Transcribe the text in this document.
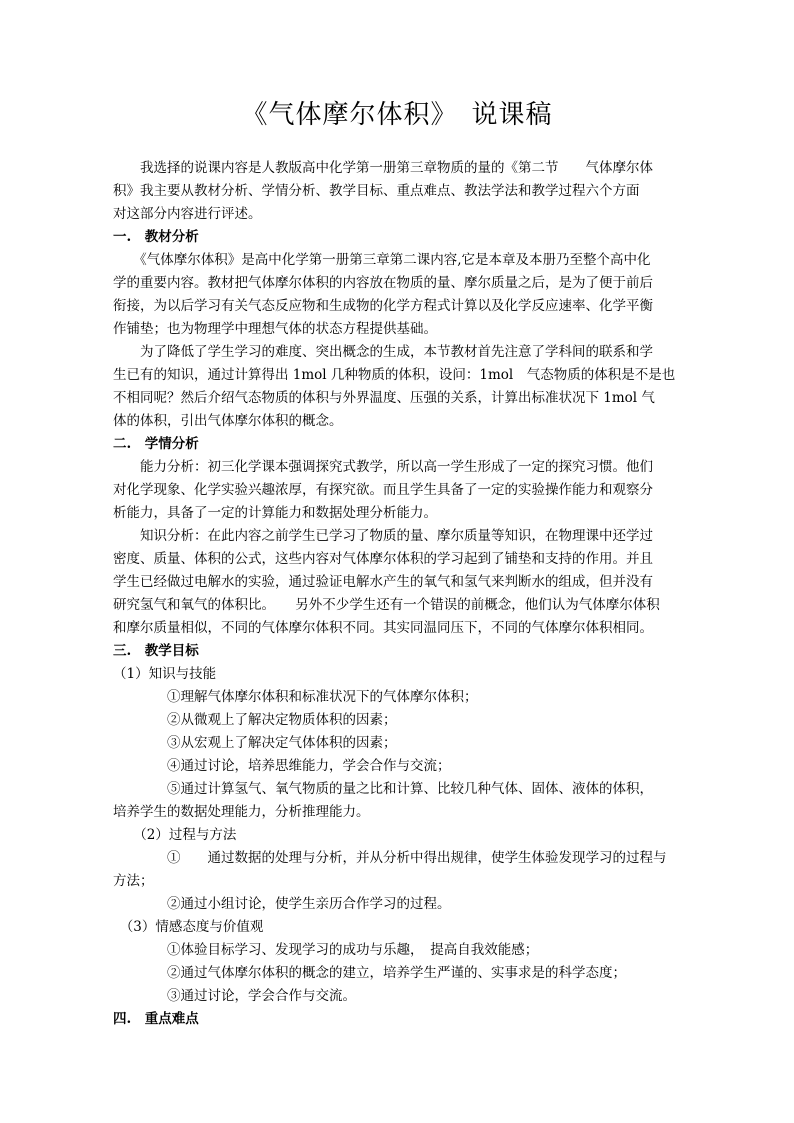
《气体摩尔体积》　说课稿
　　我选择的说课内容是人教版高中化学第一册第三章物质的量的《第二节　　气体摩尔体
积》我主要从教材分析、学情分析、教学目标、重点难点、教法学法和教学过程六个方面
对这部分内容进行评述。
一.　教材分析
　　《气体摩尔体积》是高中化学第一册第三章第二课内容,它是本章及本册乃至整个高中化
学的重要内容。教材把气体摩尔体积的内容放在物质的量、摩尔质量之后，是为了便于前后
衔接，为以后学习有关气态反应物和生成物的化学方程式计算以及化学反应速率、化学平衡
作铺垫；也为物理学中理想气体的状态方程提供基础。
　　为了降低了学生学习的难度、突出概念的生成，本节教材首先注意了学科间的联系和学
生已有的知识，通过计算得出 1mol 几种物质的体积，设问：1mol　气态物质的体积是不是也
不相同呢？然后介绍气态物质的体积与外界温度、压强的关系，计算出标准状况下 1mol 气
体的体积，引出气体摩尔体积的概念。
二.　学情分析
　　能力分析：初三化学课本强调探究式教学，所以高一学生形成了一定的探究习惯。他们
对化学现象、化学实验兴趣浓厚，有探究欲。而且学生具备了一定的实验操作能力和观察分
析能力，具备了一定的计算能力和数据处理分析能力。
　　知识分析：在此内容之前学生已学习了物质的量、摩尔质量等知识，在物理课中还学过
密度、质量、体积的公式，这些内容对气体摩尔体积的学习起到了铺垫和支持的作用。并且
学生已经做过电解水的实验，通过验证电解水产生的氧气和氢气来判断水的组成，但并没有
研究氢气和氧气的体积比。　　另外不少学生还有一个错误的前概念，他们认为气体摩尔体积
和摩尔质量相似，不同的气体摩尔体积不同。其实同温同压下，不同的气体摩尔体积相同。
三.　教学目标
（1）知识与技能
　　　　①理解气体摩尔体积和标准状况下的气体摩尔体积；
　　　　②从微观上了解决定物质体积的因素；
　　　　③从宏观上了解决定气体体积的因素；
　　　　④通过讨论，培养思维能力，学会合作与交流；
　　　　⑤通过计算氢气、氧气物质的量之比和计算、比较几种气体、固体、液体的体积，
培养学生的数据处理能力，分析推理能力。
　　（2）过程与方法
　　　　①　　通过数据的处理与分析，并从分析中得出规律，使学生体验发现学习的过程与
方法；
　　　　②通过小组讨论，使学生亲历合作学习的过程。
　（3）情感态度与价值观
　　　　①体验目标学习、发现学习的成功与乐趣，　提高自我效能感；
　　　　②通过气体摩尔体积的概念的建立，培养学生严谨的、实事求是的科学态度；
　　　　③通过讨论，学会合作与交流。
四.　重点难点
